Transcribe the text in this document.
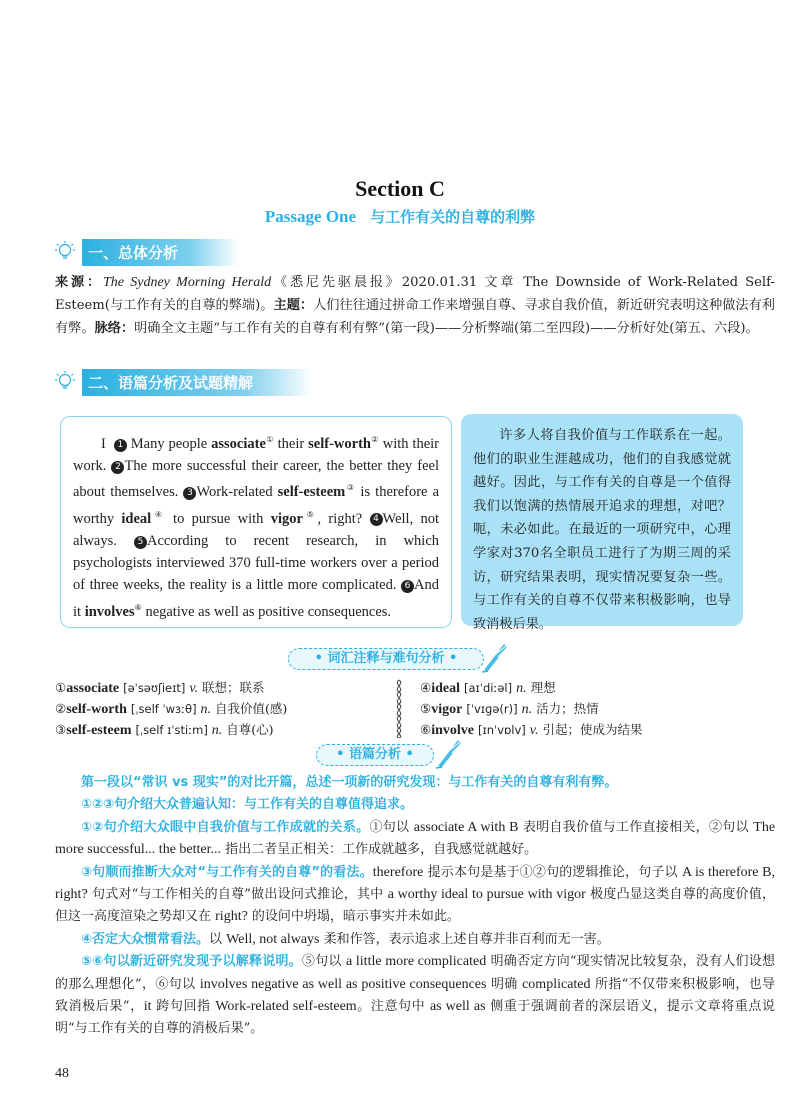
Section C
Passage One 与工作有关的自尊的利弊
一、总体分析
来源：The Sydney Morning Herald《悉尼先驱晨报》2020.01.31 文章 The Downside of Work-Related Self-Esteem(与工作有关的自尊的弊端)。主题：人们往往通过拼命工作来增强自尊、寻求自我价值，新近研究表明这种做法有利有弊。脉络：明确全文主题“与工作有关的自尊有利有弊”(第一段)——分析弊端(第二至四段)——分析好处(第五、六段)。
二、语篇分析及试题精解
I 1 Many people associate① their self-worth② with their work. 2 The more successful their career, the better they feel about themselves. 3 Work-related self-esteem③ is therefore a worthy ideal④ to pursue with vigor⑤, right? 4 Well, not always. 5 According to recent research, in which psychologists interviewed 370 full-time workers over a period of three weeks, the reality is a little more complicated. 6 And it involves⑥ negative as well as positive consequences.
许多人将自我价值与工作联系在一起。他们的职业生涯越成功，他们的自我感觉就越好。因此，与工作有关的自尊是一个值得我们以饱满的热情展开追求的理想，对吧？呃，未必如此。在最近的一项研究中，心理学家对370名全职员工进行了为期三周的采访，研究结果表明，现实情况要复杂一些。与工作有关的自尊不仅带来积极影响，也导致消极后果。
• 词汇注释与难句分析 •
①associate [əˈsəʊʃieɪt] v. 联想；联系
②self-worth [ˌself ˈwɜːθ] n. 自我价值(感)
③self-esteem [ˌself ɪˈstiːm] n. 自尊(心)
④ideal [aɪˈdiːəl] n. 理想
⑤vigor [ˈvɪɡə(r)] n. 活力；热情
⑥involve [ɪnˈvɒlv] v. 引起；使成为结果
• 语篇分析 •
第一段以“常识 vs 现实”的对比开篇，总述一项新的研究发现：与工作有关的自尊有利有弊。
①②③句介绍大众普遍认知：与工作有关的自尊值得追求。
①②句介绍大众眼中自我价值与工作成就的关系。①句以 associate A with B 表明自我价值与工作直接相关，②句以 The more successful... the better... 指出二者呈正相关：工作成就越多，自我感觉就越好。
③句顺而推断大众对“与工作有关的自尊”的看法。therefore 提示本句是基于①②句的逻辑推论，句子以 A is therefore B, right? 句式对“与工作相关的自尊”做出设问式推论，其中 a worthy ideal to pursue with vigor 极度凸显这类自尊的高度价值，但这一高度渲染之势却又在 right? 的设问中坍塌，暗示事实并未如此。
④否定大众惯常看法。以 Well, not always 柔和作答，表示追求上述自尊并非百利而无一害。
⑤⑥句以新近研究发现予以解释说明。⑤句以 a little more complicated 明确否定方向“现实情况比较复杂，没有人们设想的那么理想化”，⑥句以 involves negative as well as positive consequences 明确 complicated 所指“不仅带来积极影响，也导致消极后果”，it 跨句回指 Work-related self-esteem。注意句中 as well as 侧重于强调前者的深层语义，提示文章将重点说明“与工作有关的自尊的消极后果”。
48
